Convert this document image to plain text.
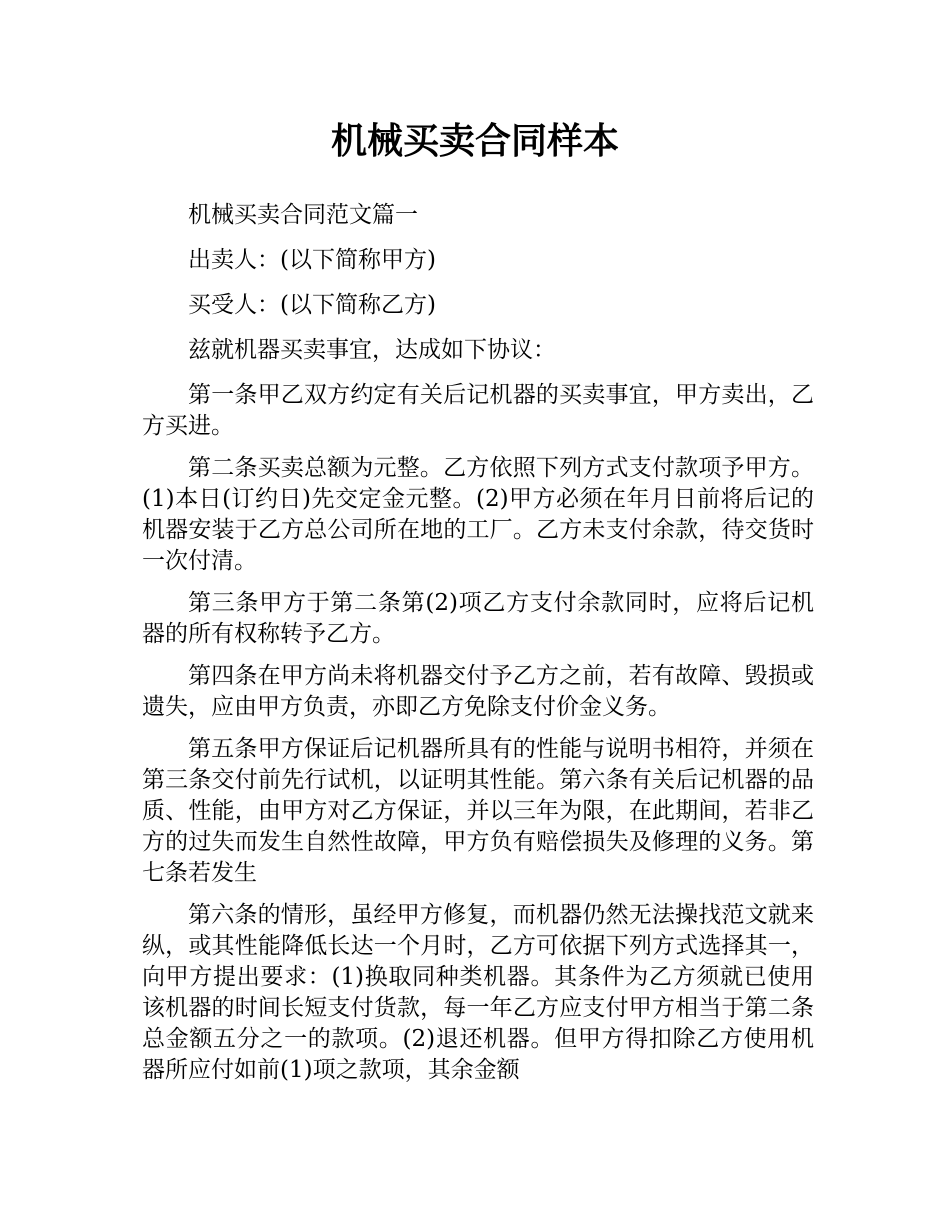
机械买卖合同样本

机械买卖合同范文篇一

出卖人：(以下简称甲方)

买受人：(以下简称乙方)

兹就机器买卖事宜，达成如下协议：

第一条甲乙双方约定有关后记机器的买卖事宜，甲方卖出，乙方买进。

第二条买卖总额为元整。乙方依照下列方式支付款项予甲方。(1)本日(订约日)先交定金元整。(2)甲方必须在年月日前将后记的机器安装于乙方总公司所在地的工厂。乙方未支付余款，待交货时一次付清。

第三条甲方于第二条第(2)项乙方支付余款同时，应将后记机器的所有权称转予乙方。

第四条在甲方尚未将机器交付予乙方之前，若有故障、毁损或遗失，应由甲方负责，亦即乙方免除支付价金义务。

第五条甲方保证后记机器所具有的性能与说明书相符，并须在第三条交付前先行试机，以证明其性能。第六条有关后记机器的品质、性能，由甲方对乙方保证，并以三年为限，在此期间，若非乙方的过失而发生自然性故障，甲方负有赔偿损失及修理的义务。第七条若发生

第六条的情形，虽经甲方修复，而机器仍然无法操找范文就来纵，或其性能降低长达一个月时，乙方可依据下列方式选择其一，向甲方提出要求：(1)换取同种类机器。其条件为乙方须就已使用该机器的时间长短支付货款，每一年乙方应支付甲方相当于第二条总金额五分之一的款项。(2)退还机器。但甲方得扣除乙方使用机器所应付如前(1)项之款项，其余金额
